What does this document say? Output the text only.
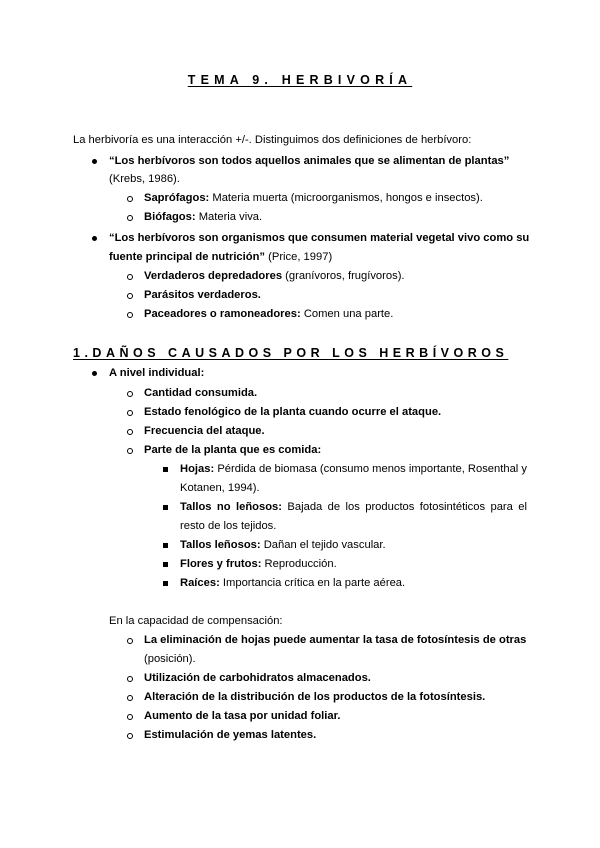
TEMA 9. HERBIVORÍA
La herbivoría es una interacción +/-. Distinguimos dos definiciones de herbívoro:
“Los herbívoros son todos aquellos animales que se alimentan de plantas”
(Krebs, 1986).
Saprófagos: Materia muerta (microorganismos, hongos e insectos).
Biófagos: Materia viva.
“Los herbívoros son organismos que consumen material vegetal vivo como su
fuente principal de nutrición” (Price, 1997)
Verdaderos depredadores (granívoros, frugívoros).
Parásitos verdaderos.
Paceadores o ramoneadores: Comen una parte.
1.DAÑOS CAUSADOS POR LOS HERBÍVOROS
A nivel individual:
Cantidad consumida.
Estado fenológico de la planta cuando ocurre el ataque.
Frecuencia del ataque.
Parte de la planta que es comida:
Hojas: Pérdida de biomasa (consumo menos importante, Rosenthal y
Kotanen, 1994).
Tallos no leñosos: Bajada de los productos fotosintéticos para el
resto de los tejidos.
Tallos leñosos: Dañan el tejido vascular.
Flores y frutos: Reproducción.
Raíces: Importancia crítica en la parte aérea.
En la capacidad de compensación:
La eliminación de hojas puede aumentar la tasa de fotosíntesis de otras
(posición).
Utilización de carbohidratos almacenados.
Alteración de la distribución de los productos de la fotosíntesis.
Aumento de la tasa por unidad foliar.
Estimulación de yemas latentes.
